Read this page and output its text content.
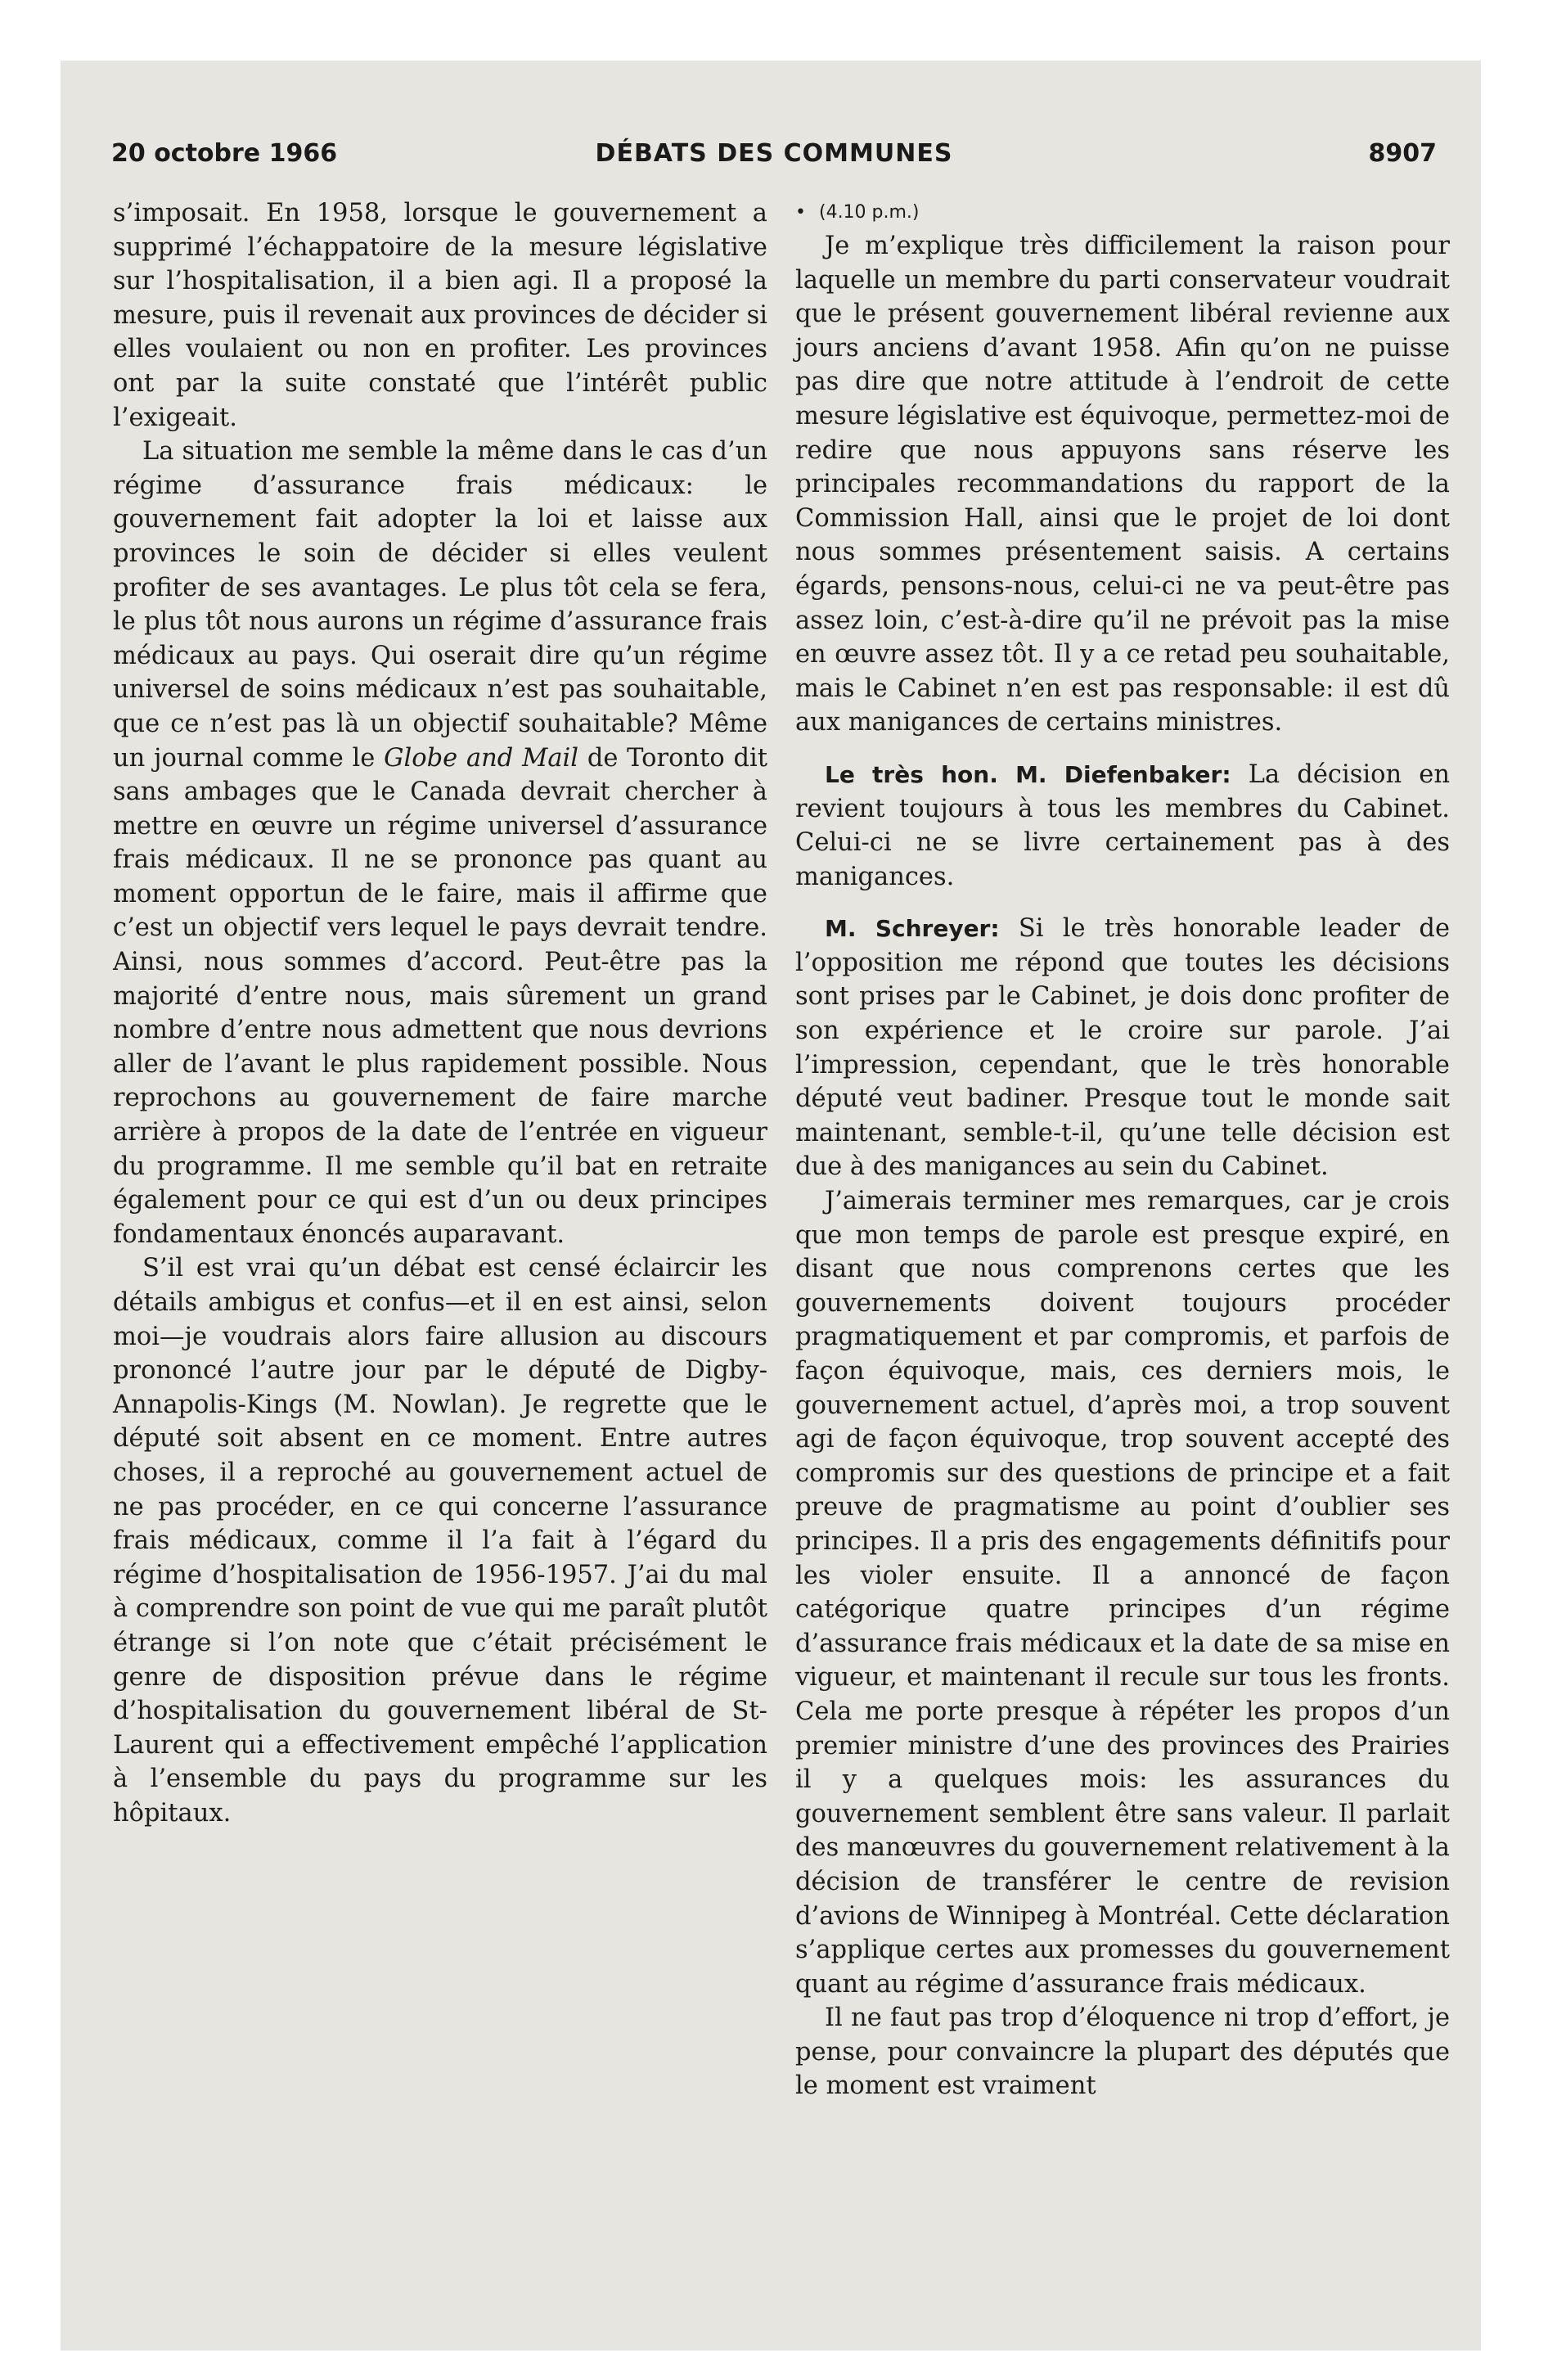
20 octobre 1966	DÉBATS DES COMMUNES	8907

s’imposait. En 1958, lorsque le gouvernement a supprimé l’échappatoire de la mesure législative sur l’hospitalisation, il a bien agi. Il a proposé la mesure, puis il revenait aux provinces de décider si elles voulaient ou non en profiter. Les provinces ont par la suite constaté que l’intérêt public l’exigeait.

La situation me semble la même dans le cas d’un régime d’assurance frais médicaux: le gouvernement fait adopter la loi et laisse aux provinces le soin de décider si elles veulent profiter de ses avantages. Le plus tôt cela se fera, le plus tôt nous aurons un régime d’assurance frais médicaux au pays. Qui oserait dire qu’un régime universel de soins médicaux n’est pas souhaitable, que ce n’est pas là un objectif souhaitable? Même un journal comme le Globe and Mail de Toronto dit sans ambages que le Canada devrait chercher à mettre en œuvre un régime universel d’assurance frais médicaux. Il ne se prononce pas quant au moment opportun de le faire, mais il affirme que c’est un objectif vers lequel le pays devrait tendre. Ainsi, nous sommes d’accord. Peut-être pas la majorité d’entre nous, mais sûrement un grand nombre d’entre nous admettent que nous devrions aller de l’avant le plus rapidement possible. Nous reprochons au gouvernement de faire marche arrière à propos de la date de l’entrée en vigueur du programme. Il me semble qu’il bat en retraite également pour ce qui est d’un ou deux principes fondamentaux énoncés auparavant.

S’il est vrai qu’un débat est censé éclaircir les détails ambigus et confus—et il en est ainsi, selon moi—je voudrais alors faire allusion au discours prononcé l’autre jour par le député de Digby-Annapolis-Kings (M. Nowlan). Je regrette que le député soit absent en ce moment. Entre autres choses, il a reproché au gouvernement actuel de ne pas procéder, en ce qui concerne l’assurance frais médicaux, comme il l’a fait à l’égard du régime d’hospitalisation de 1956-1957. J’ai du mal à comprendre son point de vue qui me paraît plutôt étrange si l’on note que c’était précisément le genre de disposition prévue dans le régime d’hospitalisation du gouvernement libéral de St-Laurent qui a effectivement empêché l’application à l’ensemble du pays du programme sur les hôpitaux.

• (4.10 p.m.)

Je m’explique très difficilement la raison pour laquelle un membre du parti conservateur voudrait que le présent gouvernement libéral revienne aux jours anciens d’avant 1958. Afin qu’on ne puisse pas dire que notre attitude à l’endroit de cette mesure législative est équivoque, permettez-moi de redire que nous appuyons sans réserve les principales recommandations du rapport de la Commission Hall, ainsi que le projet de loi dont nous sommes présentement saisis. A certains égards, pensons-nous, celui-ci ne va peut-être pas assez loin, c’est-à-dire qu’il ne prévoit pas la mise en œuvre assez tôt. Il y a ce retad peu souhaitable, mais le Cabinet n’en est pas responsable: il est dû aux manigances de certains ministres.

Le très hon. M. Diefenbaker: La décision en revient toujours à tous les membres du Cabinet. Celui-ci ne se livre certainement pas à des manigances.

M. Schreyer: Si le très honorable leader de l’opposition me répond que toutes les décisions sont prises par le Cabinet, je dois donc profiter de son expérience et le croire sur parole. J’ai l’impression, cependant, que le très honorable député veut badiner. Presque tout le monde sait maintenant, semble-t-il, qu’une telle décision est due à des manigances au sein du Cabinet.

J’aimerais terminer mes remarques, car je crois que mon temps de parole est presque expiré, en disant que nous comprenons certes que les gouvernements doivent toujours procéder pragmatiquement et par compromis, et parfois de façon équivoque, mais, ces derniers mois, le gouvernement actuel, d’après moi, a trop souvent agi de façon équivoque, trop souvent accepté des compromis sur des questions de principe et a fait preuve de pragmatisme au point d’oublier ses principes. Il a pris des engagements définitifs pour les violer ensuite. Il a annoncé de façon catégorique quatre principes d’un régime d’assurance frais médicaux et la date de sa mise en vigueur, et maintenant il recule sur tous les fronts. Cela me porte presque à répéter les propos d’un premier ministre d’une des provinces des Prairies il y a quelques mois: les assurances du gouvernement semblent être sans valeur. Il parlait des manœuvres du gouvernement relativement à la décision de transférer le centre de revision d’avions de Winnipeg à Montréal. Cette déclaration s’applique certes aux promesses du gouvernement quant au régime d’assurance frais médicaux.

Il ne faut pas trop d’éloquence ni trop d’effort, je pense, pour convaincre la plupart des députés que le moment est vraiment
